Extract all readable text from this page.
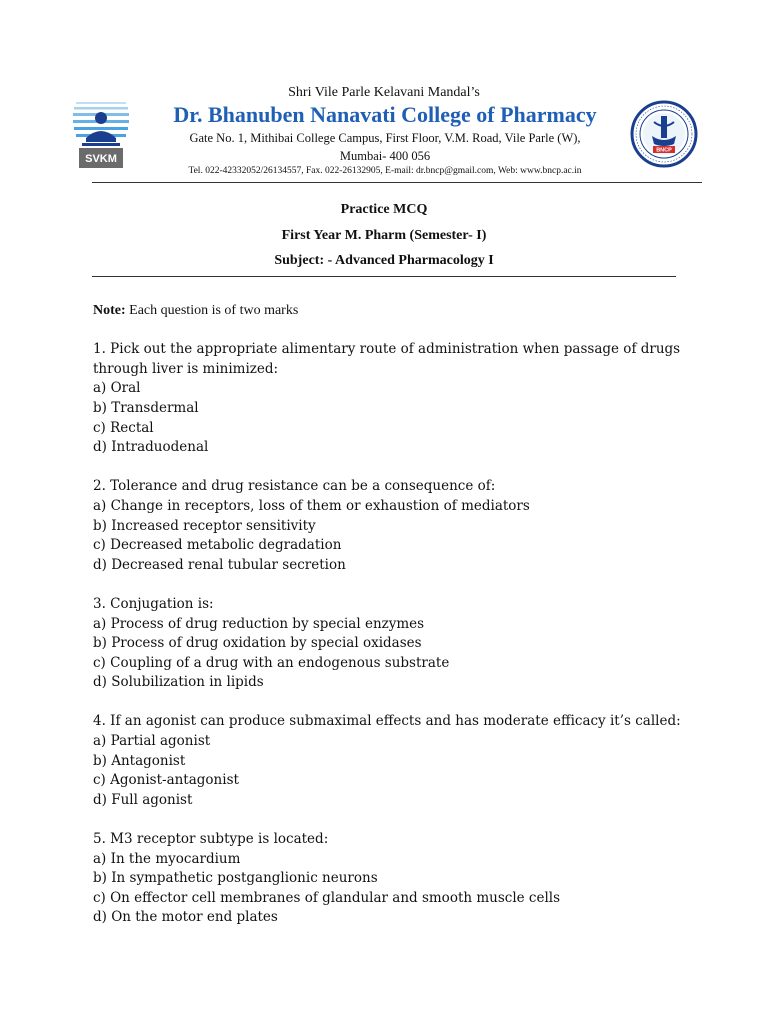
SVKM
BNCP
Shri Vile Parle Kelavani Mandal’s
Dr. Bhanuben Nanavati College of Pharmacy
Gate No. 1, Mithibai College Campus, First Floor, V.M. Road, Vile Parle (W),
Mumbai- 400 056
Tel. 022-42332052/26134557, Fax. 022-26132905, E-mail: dr.bncp@gmail.com, Web: www.bncp.ac.in
Practice MCQ
First Year M. Pharm (Semester- I)
Subject: - Advanced Pharmacology I
Note: Each question is of two marks
1. Pick out the appropriate alimentary route of administration when passage of drugs through liver is minimized:
a) Oral
b) Transdermal
c) Rectal
d) Intraduodenal
2. Tolerance and drug resistance can be a consequence of:
a) Change in receptors, loss of them or exhaustion of mediators
b) Increased receptor sensitivity
c) Decreased metabolic degradation
d) Decreased renal tubular secretion
3. Conjugation is:
a) Process of drug reduction by special enzymes
b) Process of drug oxidation by special oxidases
c) Coupling of a drug with an endogenous substrate
d) Solubilization in lipids
4. If an agonist can produce submaximal effects and has moderate efficacy it’s called:
a) Partial agonist
b) Antagonist
c) Agonist-antagonist
d) Full agonist
5. M3 receptor subtype is located:
a) In the myocardium
b) In sympathetic postganglionic neurons
c) On effector cell membranes of glandular and smooth muscle cells
d) On the motor end plates
